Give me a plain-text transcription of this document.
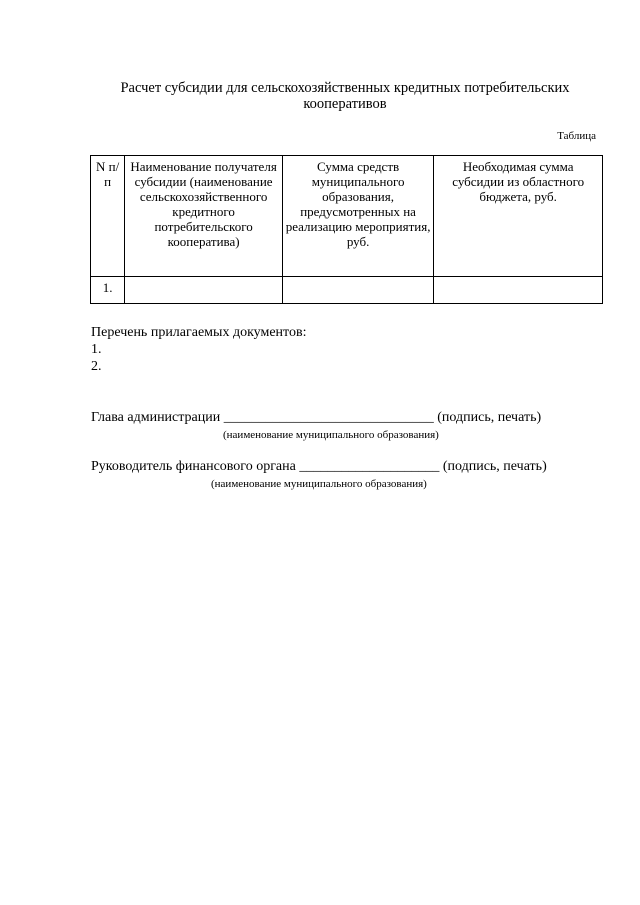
Расчет субсидии для сельскохозяйственных кредитных потребительских
кооперативов
Таблица
N п/п	Наименование получателя субсидии (наименование сельскохозяйственного кредитного потребительского кооператива)	Сумма средств муниципального образования, предусмотренных на реализацию мероприятия, руб.	Необходимая сумма субсидии из областного бюджета, руб.
1.			
Перечень прилагаемых документов:
1.
2.
Глава администрации ______________________________ (подпись, печать)
(наименование муниципального образования)
Руководитель финансового органа ____________________ (подпись, печать)
(наименование муниципального образования)
